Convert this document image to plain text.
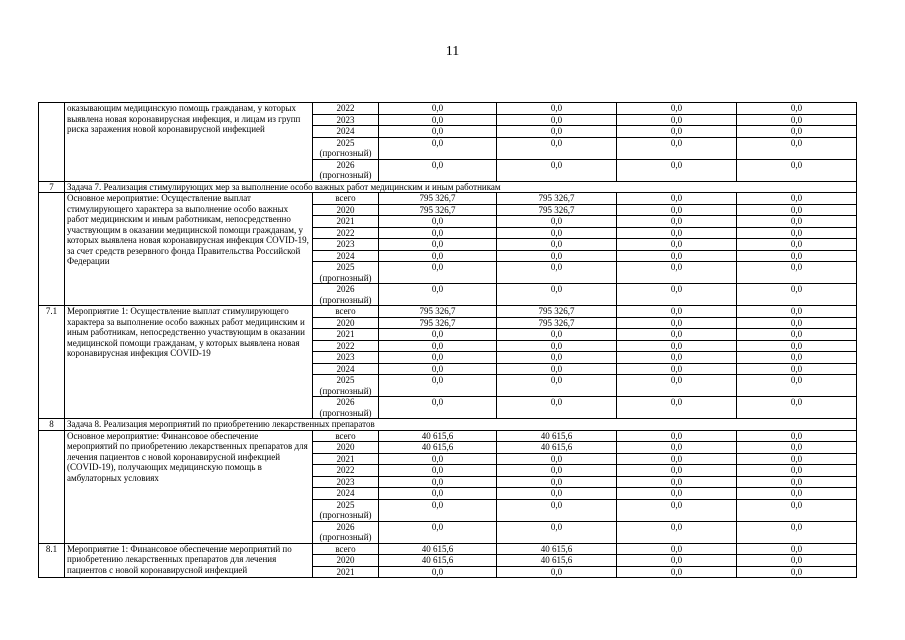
11
	оказывающим медицинскую помощь гражданам, у которых выявлена новая коронавирусная инфекция, и лицам из групп риска заражения новой коронавирусной инфекцией	2022	0,0	0,0	0,0	0,0
		2023	0,0	0,0	0,0	0,0
		2024	0,0	0,0	0,0	0,0
		2025 (прогнозный)	0,0	0,0	0,0	0,0
		2026 (прогнозный)	0,0	0,0	0,0	0,0
7	Задача 7. Реализация стимулирующих мер за выполнение особо важных работ медицинским и иным работникам					
	Основное мероприятие: Осуществление выплат стимулирующего характера за выполнение особо важных работ медицинским и иным работникам, непосредственно участвующим в оказании медицинской помощи гражданам, у которых выявлена новая коронавирусная инфекция COVID-19, за счет средств резервного фонда Правительства Российской Федерации	всего	795 326,7	795 326,7	0,0	0,0
		2020	795 326,7	795 326,7	0,0	0,0
		2021	0,0	0,0	0,0	0,0
		2022	0,0	0,0	0,0	0,0
		2023	0,0	0,0	0,0	0,0
		2024	0,0	0,0	0,0	0,0
		2025 (прогнозный)	0,0	0,0	0,0	0,0
		2026 (прогнозный)	0,0	0,0	0,0	0,0
7.1	Мероприятие 1: Осуществление выплат стимулирующего характера за выполнение особо важных работ медицинским и иным работникам, непосредственно участвующим в оказании медицинской помощи гражданам, у которых выявлена новая коронавирусная инфекция COVID-19	всего	795 326,7	795 326,7	0,0	0,0
		2020	795 326,7	795 326,7	0,0	0,0
		2021	0,0	0,0	0,0	0,0
		2022	0,0	0,0	0,0	0,0
		2023	0,0	0,0	0,0	0,0
		2024	0,0	0,0	0,0	0,0
		2025 (прогнозный)	0,0	0,0	0,0	0,0
		2026 (прогнозный)	0,0	0,0	0,0	0,0
8	Задача 8. Реализация мероприятий по приобретению лекарственных препаратов					
	Основное мероприятие: Финансовое обеспечение мероприятий по приобретению лекарственных препаратов для лечения пациентов с новой коронавирусной инфекцией (COVID-19), получающих медицинскую помощь в амбулаторных условиях	всего	40 615,6	40 615,6	0,0	0,0
		2020	40 615,6	40 615,6	0,0	0,0
		2021	0,0	0,0	0,0	0,0
		2022	0,0	0,0	0,0	0,0
		2023	0,0	0,0	0,0	0,0
		2024	0,0	0,0	0,0	0,0
		2025 (прогнозный)	0,0	0,0	0,0	0,0
		2026 (прогнозный)	0,0	0,0	0,0	0,0
8.1	Мероприятие 1: Финансовое обеспечение мероприятий по приобретению лекарственных препаратов для лечения пациентов с новой коронавирусной инфекцией	всего	40 615,6	40 615,6	0,0	0,0
		2020	40 615,6	40 615,6	0,0	0,0
		2021	0,0	0,0	0,0	0,0
